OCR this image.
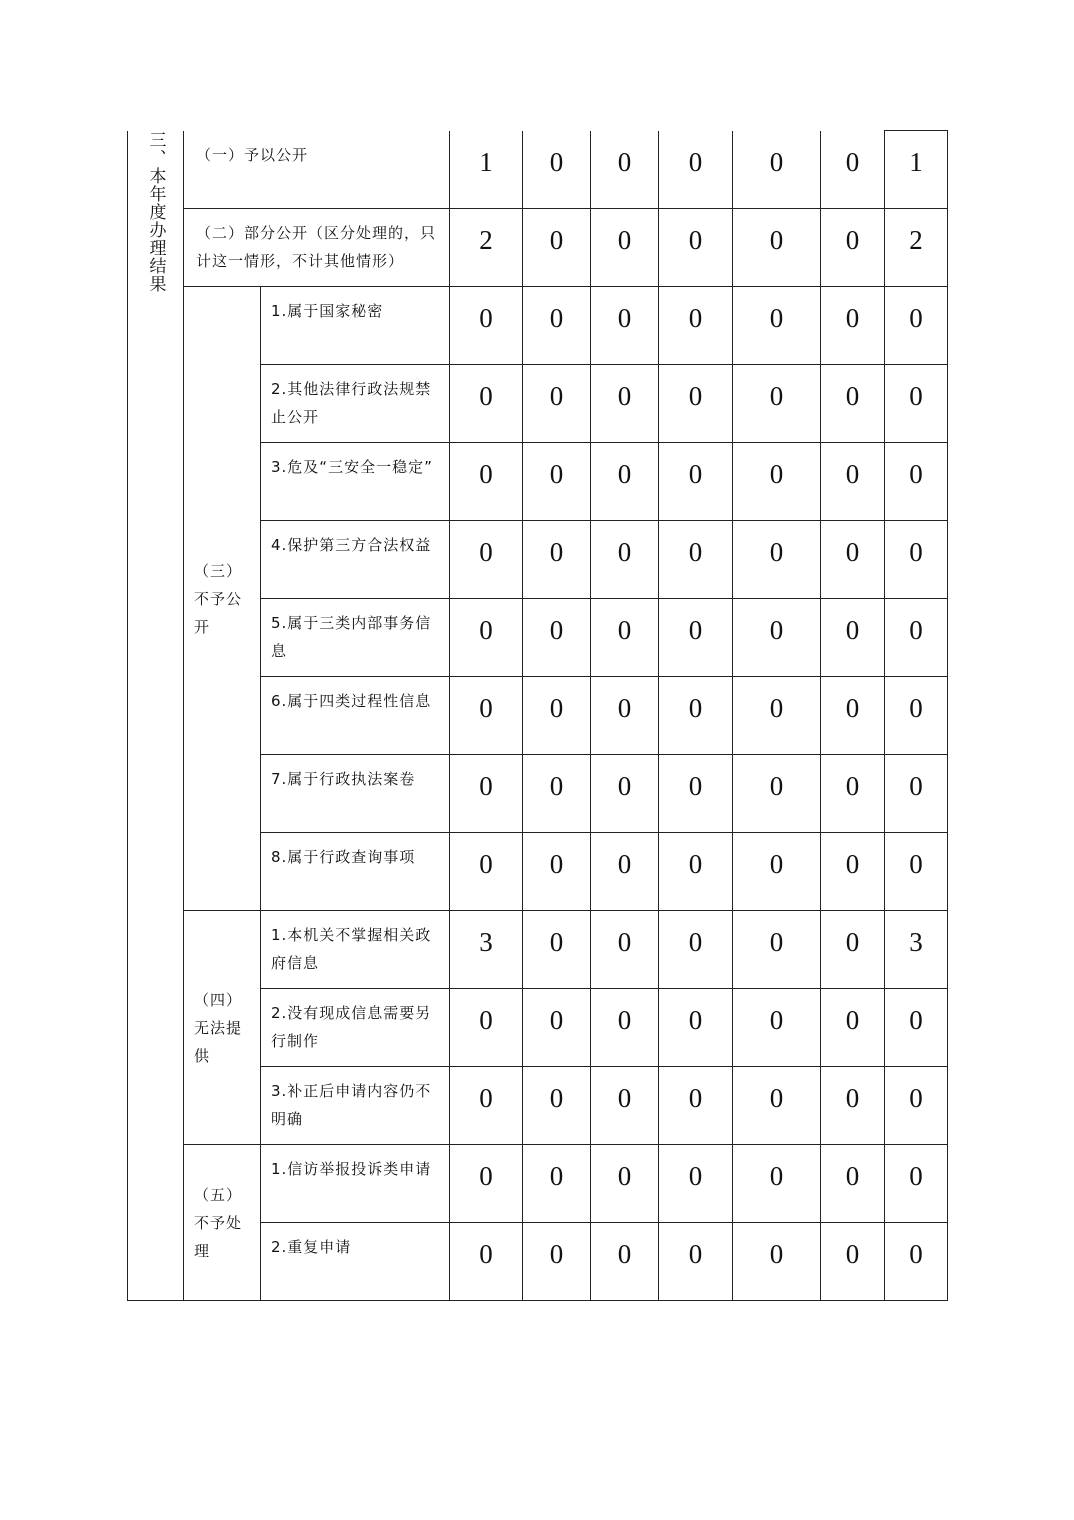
三、本年度办理结果	（一）予以公开		1	0	0	0	0	0	1

	（二）部分公开（区分处理的，只计这一情形，不计其他情形）		2	0	0	0	0	0	2

	（三）不予公开	1.属于国家秘密	0	0	0	0	0	0	0

		2.其他法律行政法规禁止公开	0	0	0	0	0	0	0

		3.危及“三安全一稳定”	0	0	0	0	0	0	0

		4.保护第三方合法权益	0	0	0	0	0	0	0

		5.属于三类内部事务信息	0	0	0	0	0	0	0

		6.属于四类过程性信息	0	0	0	0	0	0	0

		7.属于行政执法案卷	0	0	0	0	0	0	0

		8.属于行政查询事项	0	0	0	0	0	0	0

	（四）无法提供	1.本机关不掌握相关政府信息	3	0	0	0	0	0	3

		2.没有现成信息需要另行制作	0	0	0	0	0	0	0

		3.补正后申请内容仍不明确	0	0	0	0	0	0	0

	（五）不予处理	1.信访举报投诉类申请	0	0	0	0	0	0	0

		2.重复申请	0	0	0	0	0	0	0
